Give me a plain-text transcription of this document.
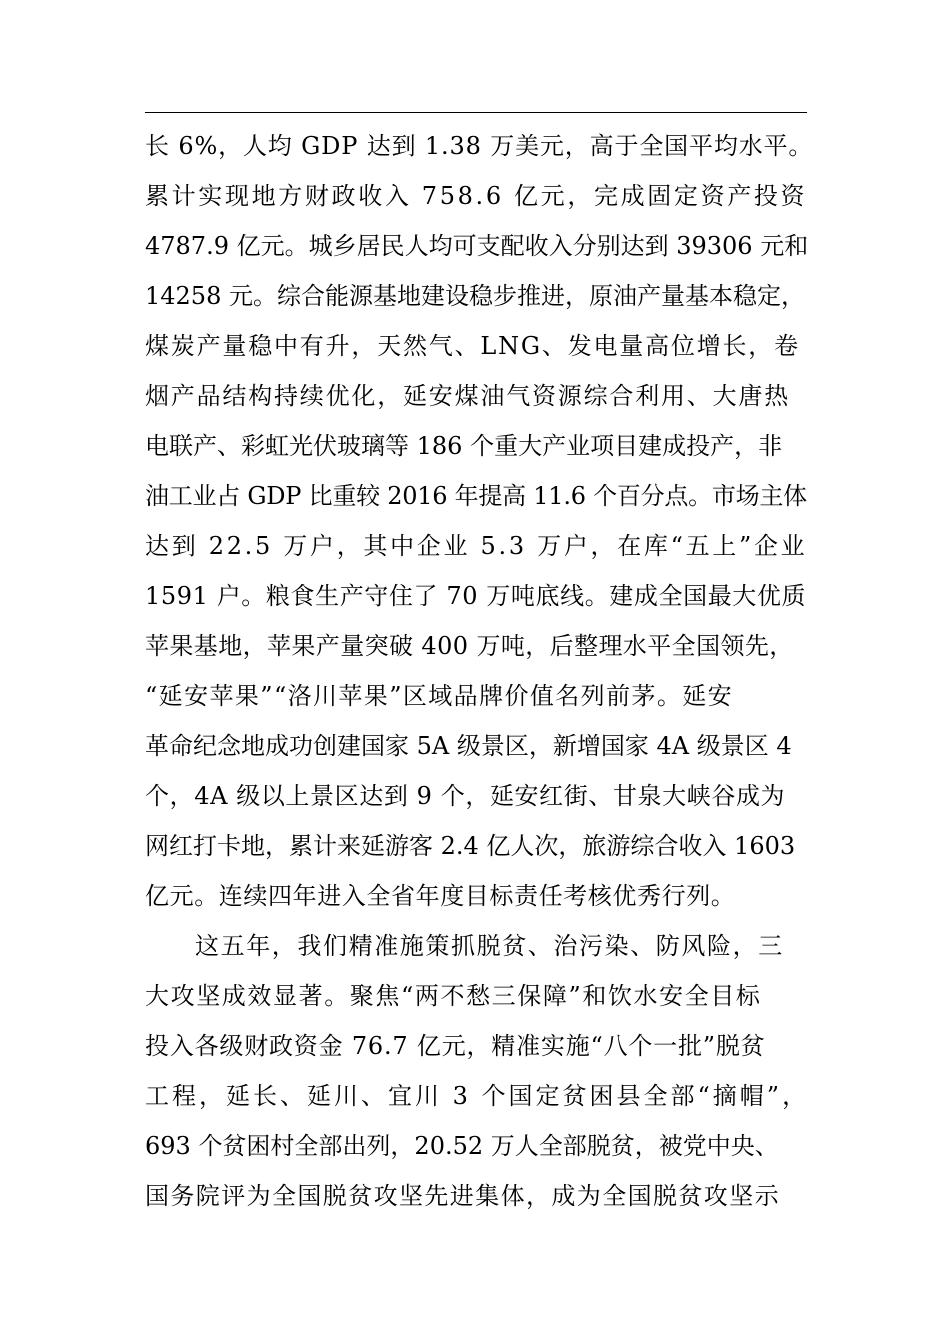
长 6%，人均 GDP 达到 1.38 万美元，高于全国平均水平。
累计实现地方财政收入 758.6 亿元，完成固定资产投资
4787.9 亿元。城乡居民人均可支配收入分别达到 39306 元和
14258 元。综合能源基地建设稳步推进，原油产量基本稳定，
煤炭产量稳中有升，天然气、LNG、发电量高位增长，卷
烟产品结构持续优化，延安煤油气资源综合利用、大唐热
电联产、彩虹光伏玻璃等 186 个重大产业项目建成投产，非
油工业占 GDP 比重较 2016 年提高 11.6 个百分点。市场主体
达到 22.5 万户，其中企业 5.3 万户，在库“五上”企业
1591 户。粮食生产守住了 70 万吨底线。建成全国最大优质
苹果基地，苹果产量突破 400 万吨，后整理水平全国领先，
“延安苹果”“洛川苹果”区域品牌价值名列前茅。延安
革命纪念地成功创建国家 5A 级景区，新增国家 4A 级景区 4
个，4A 级以上景区达到 9 个，延安红街、甘泉大峡谷成为
网红打卡地，累计来延游客 2.4 亿人次，旅游综合收入 1603
亿元。连续四年进入全省年度目标责任考核优秀行列。
这五年，我们精准施策抓脱贫、治污染、防风险，三
大攻坚成效显著。聚焦“两不愁三保障”和饮水安全目标
投入各级财政资金 76.7 亿元，精准实施“八个一批”脱贫
工程，延长、延川、宜川 3 个国定贫困县全部“摘帽”，
693 个贫困村全部出列，20.52 万人全部脱贫，被党中央、
国务院评为全国脱贫攻坚先进集体，成为全国脱贫攻坚示
